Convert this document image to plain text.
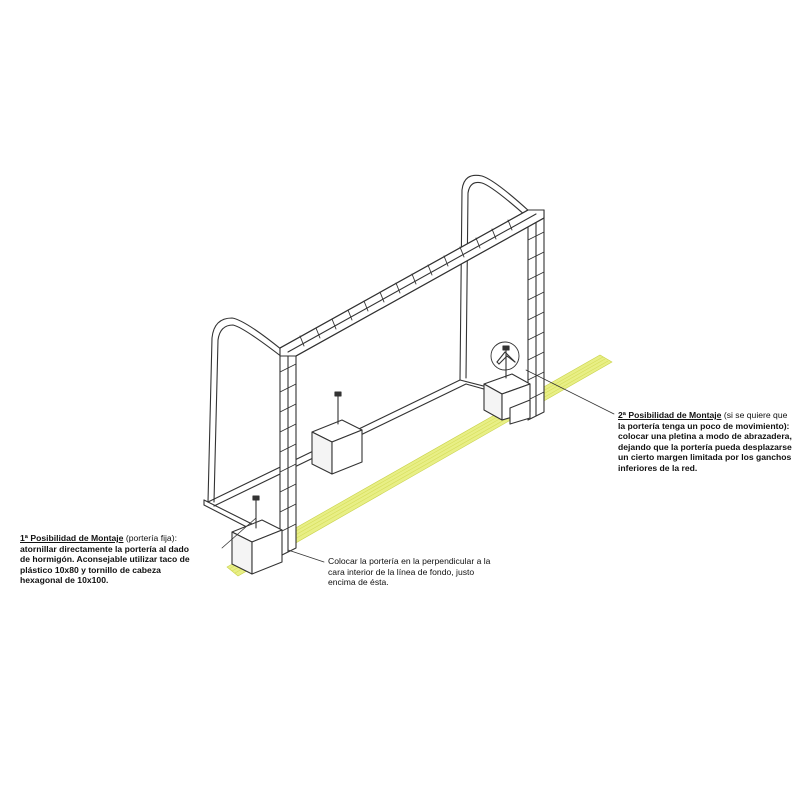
1ª Posibilidad de Montaje (portería fija):
atornillar directamente la portería al dado
de hormigón. Aconsejable utilizar taco de
plástico 10x80 y tornillo de cabeza
hexagonal de 10x100.
2ª Posibilidad de Montaje (si se quiere que
la portería tenga un poco de movimiento):
colocar una pletina a modo de abrazadera,
dejando que la portería pueda desplazarse
un cierto margen limitada por los ganchos
inferiores de la red.
Colocar la portería en la perpendicular a la
cara interior de la línea de fondo, justo
encima de ésta.
